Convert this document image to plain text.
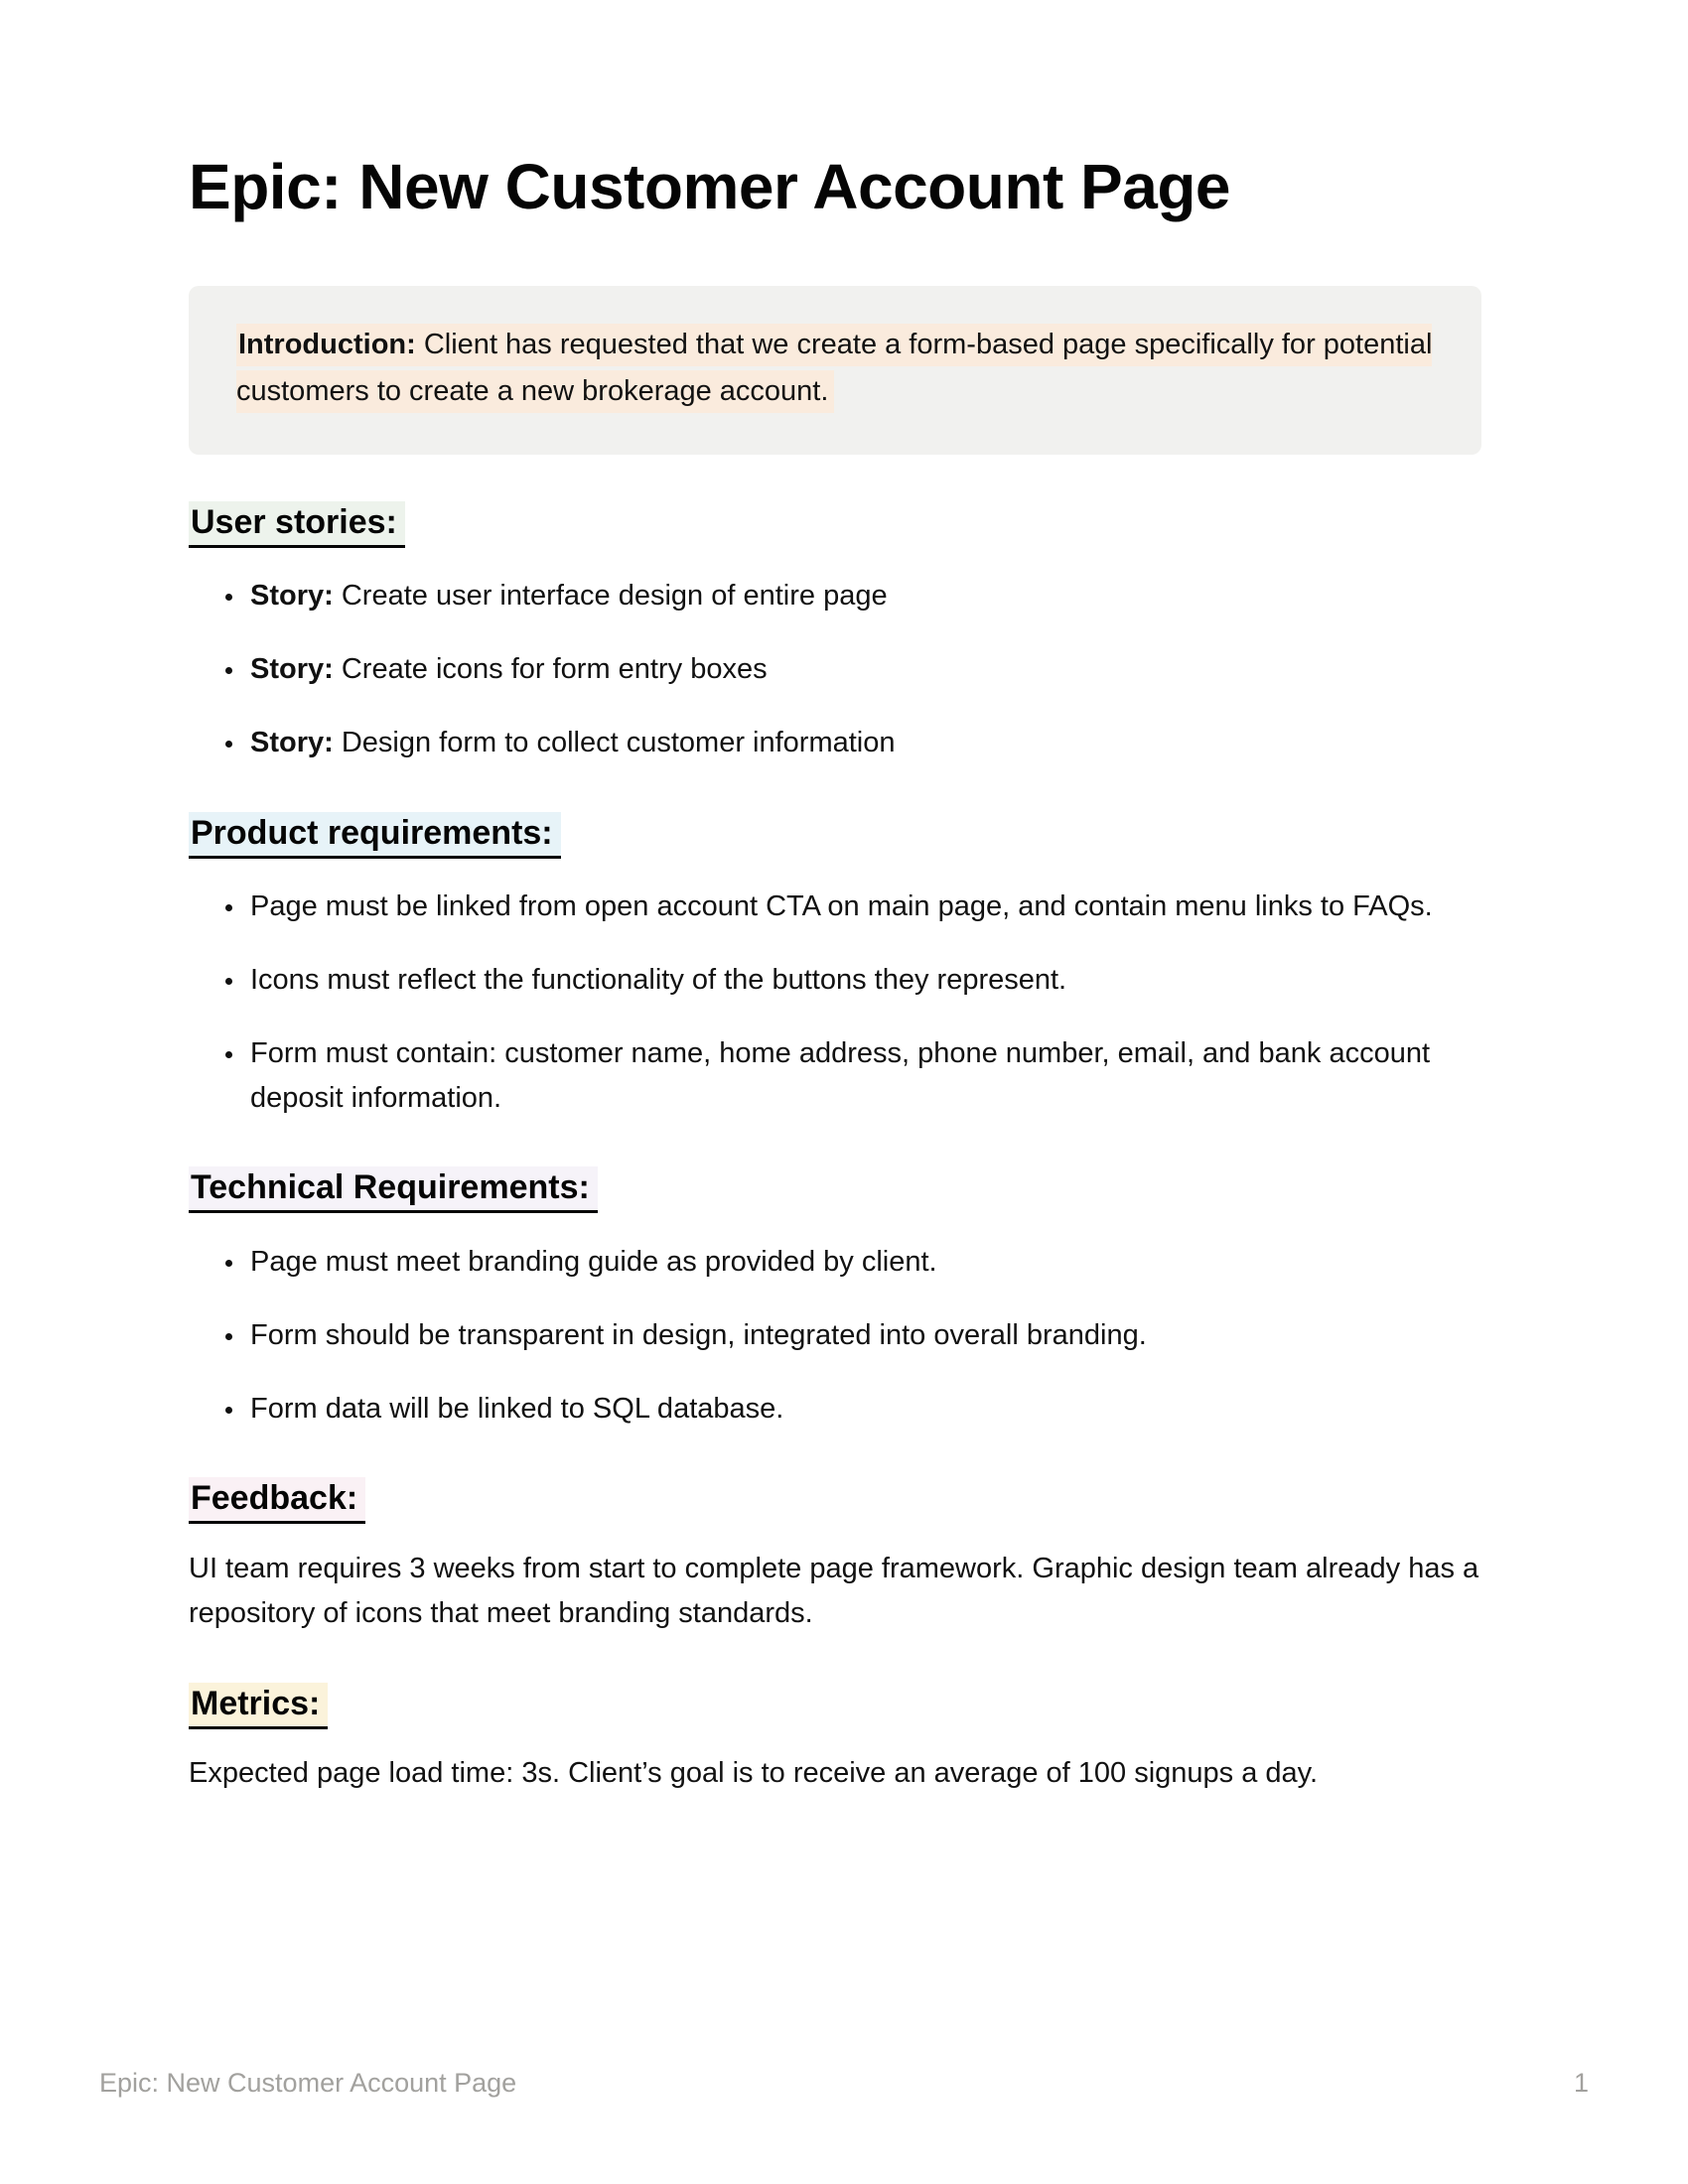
Epic: New Customer Account Page
Introduction: Client has requested that we create a form-based page specifically for potential customers to create a new brokerage account.
User stories:
• Story: Create user interface design of entire page
• Story: Create icons for form entry boxes
• Story: Design form to collect customer information
Product requirements:
• Page must be linked from open account CTA on main page, and contain menu links to FAQs.
• Icons must reflect the functionality of the buttons they represent.
• Form must contain: customer name, home address, phone number, email, and bank account deposit information.
Technical Requirements:
• Page must meet branding guide as provided by client.
• Form should be transparent in design, integrated into overall branding.
• Form data will be linked to SQL database.
Feedback:

UI team requires 3 weeks from start to complete page framework. Graphic design team already has a repository of icons that meet branding standards.

Metrics:

Expected page load time: 3s. Client’s goal is to receive an average of 100 signups a day.

Epic: New Customer Account Page	1
